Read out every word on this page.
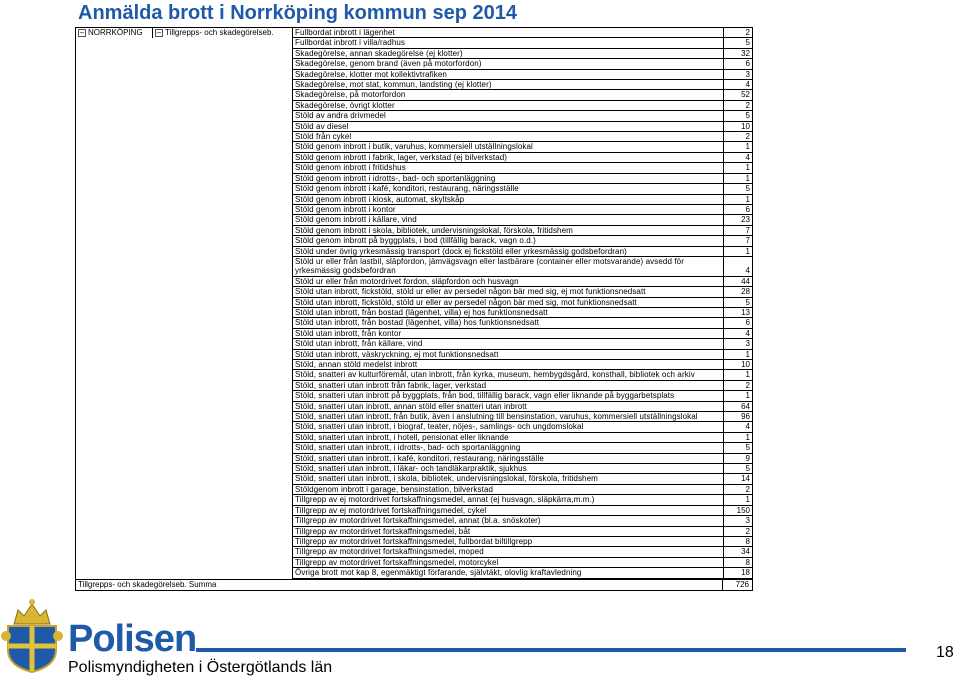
Anmälda brott i Norrköping kommun sep 2014
− NORRKÖPING	− Tillgrepps- och skadegörelseb.	Fullbordat inbrott i lägenhet	2
Fullbordat inbrott i villa/radhus	5
Skadegörelse, annan skadegörelse (ej klotter)	32
Skadegörelse, genom brand (även på motorfordon)	6
Skadegörelse, klotter mot kollektivtrafiken	3
Skadegörelse, mot stat, kommun, landsting (ej klotter)	4
Skadegörelse, på motorfordon	52
Skadegörelse, övrigt klotter	2
Stöld av andra drivmedel	5
Stöld av diesel	10
Stöld från cykel	2
Stöld genom inbrott i butik, varuhus, kommersiell utställningslokal	1
Stöld genom inbrott i fabrik, lager, verkstad (ej bilverkstad)	4
Stöld genom inbrott i fritidshus	1
Stöld genom inbrott i idrotts-, bad- och sportanläggning	1
Stöld genom inbrott i kafé, konditori, restaurang, näringsställe	5
Stöld genom inbrott i kiosk, automat, skyltskåp	1
Stöld genom inbrott i kontor	6
Stöld genom inbrott i källare, vind	23
Stöld genom inbrott i skola, bibliotek, undervisningslokal, förskola, fritidshem	7
Stöld genom inbrott på byggplats, i bod (tillfällig barack, vagn o.d.)	7
Stöld under övrig yrkesmässig transport (dock ej fickstöld eller yrkesmässig godsbefordran)	1
Stöld ur eller från lastbil, släpfordon, jämvägsvagn eller lastbärare (container eller motsvarande) avsedd för yrkesmässig godsbefordran	4
Stöld ur eller från motordrivet fordon, släpfordon och husvagn	44
Stöld utan inbrott, fickstöld, stöld ur eller av persedel någon bär med sig, ej mot funktionsnedsatt	28
Stöld utan inbrott, fickstöld, stöld ur eller av persedel någon bär med sig, mot funktionsnedsatt	5
Stöld utan inbrott, från bostad (lägenhet, villa) ej hos funktionsnedsatt	13
Stöld utan inbrott, från bostad (lägenhet, villa) hos funktionsnedsatt	6
Stöld utan inbrott, från kontor	4
Stöld utan inbrott, från källare, vind	3
Stöld utan inbrott, väskryckning, ej mot funktionsnedsatt	1
Stöld, annan stöld medelst inbrott	10
Stöld, snatteri av kulturföremål, utan inbrott, från kyrka, museum, hembygdsgård, konsthall, bibliotek och arkiv	1
Stöld, snatteri utan inbrott från fabrik, lager, verkstad	2
Stöld, snatteri utan inbrott på byggplats, från bod, tillfällig barack, vagn eller liknande på byggarbetsplats	1
Stöld, snatteri utan inbrott, annan stöld eller snatteri utan inbrott	64
Stöld, snatteri utan inbrott, från butik, även i anslutning till bensinstation, varuhus, kommersiell utställningslokal	96
Stöld, snatteri utan inbrott, i biograf, teater, nöjes-, samlings- och ungdomslokal	4
Stöld, snatteri utan inbrott, i hotell, pensionat eller liknande	1
Stöld, snatteri utan inbrott, i idrotts-, bad- och sportanläggning	5
Stöld, snatteri utan inbrott, i kafé, konditori, restaurang, näringsställe	9
Stöld, snatteri utan inbrott, i läkar- och tandläkarpraktik, sjukhus	5
Stöld, snatteri utan inbrott, i skola, bibliotek, undervisningslokal, förskola, fritidshem	14
Stöldgenom inbrott i garage, bensinstation, bilverkstad	2
Tillgrepp av ej motordrivet fortskaffningsmedel, annat (ej husvagn, släpkärra,m.m.)	1
Tillgrepp av ej motordrivet fortskaffningsmedel, cykel	150
Tillgrepp av motordrivet fortskaffningsmedel, annat (bl.a. snöskoter)	3
Tillgrepp av motordrivet fortskaffningsmedel, båt	2
Tillgrepp av motordrivet fortskaffningsmedel, fullbordat biltillgrepp	8
Tillgrepp av motordrivet fortskaffningsmedel, moped	34
Tillgrepp av motordrivet fortskaffningsmedel, motorcykel	8
Övriga brott mot kap 8, egenmäktigt förfarande, självtäkt, olovlig kraftavledning	18
Tillgrepps- och skadegörelseb. Summa	726
Polisen
Polismyndigheten i Östergötlands län
18
